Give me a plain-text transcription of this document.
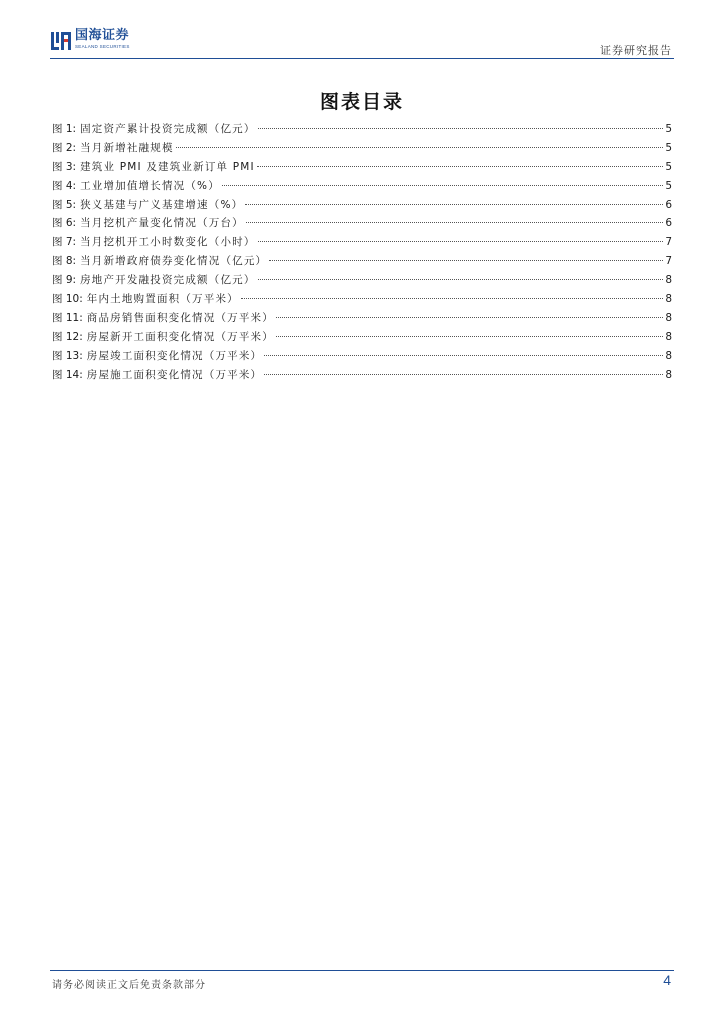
国海证券
SEALAND SECURITIES	证券研究报告
图表目录
图 1: 固定资产累计投资完成额（亿元）	5
图 2: 当月新增社融规模	5
图 3: 建筑业 PMI 及建筑业新订单 PMI	5
图 4: 工业增加值增长情况（%）	5
图 5: 狭义基建与广义基建增速（%）	6
图 6: 当月挖机产量变化情况（万台）	6
图 7: 当月挖机开工小时数变化（小时）	7
图 8: 当月新增政府债券变化情况（亿元）	7
图 9: 房地产开发融投资完成额（亿元）	8
图 10: 年内土地购置面积（万平米）	8
图 11: 商品房销售面积变化情况（万平米）	8
图 12: 房屋新开工面积变化情况（万平米）	8
图 13: 房屋竣工面积变化情况（万平米）	8
图 14: 房屋施工面积变化情况（万平米）	8
请务必阅读正文后免责条款部分	4
